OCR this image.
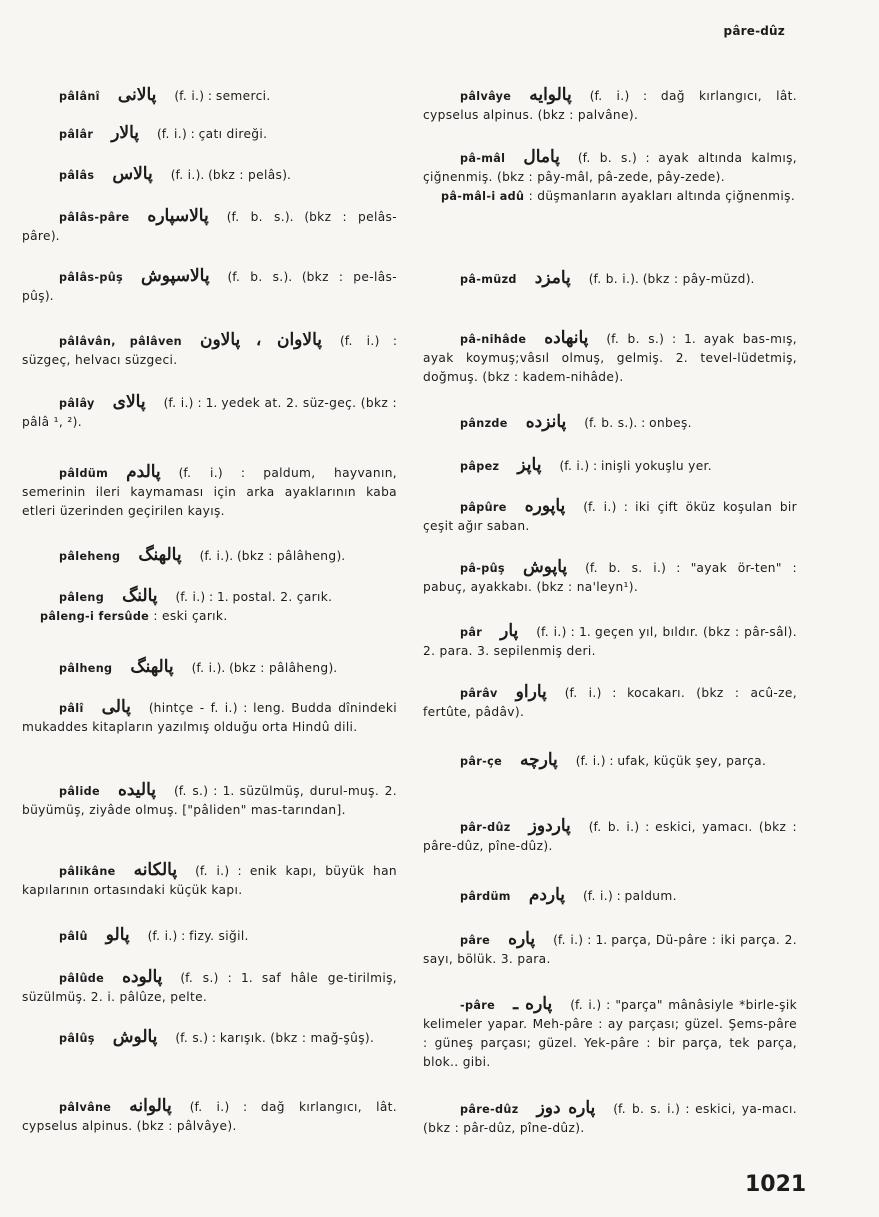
pâre-dûz
pâlânî پالانی (f. i.) : semerci.
pâlâr پالار (f. i.) : çatı direği.
pâlâs پالاس (f. i.). (bkz : pelâs).
pâlâs-pâre پالاسپاره (f. b. s.). (bkz : pelâs-pâre).
pâlâs-pûş پالاسپوش (f. b. s.). (bkz : pe-lâs-pûş).
pâlâvân, pâlâven پالاوان ، پالاون (f. i.) : süzgeç, helvacı süzgeci.
pâlây پالای (f. i.) : 1. yedek at. 2. süz-geç. (bkz : pâlâ ¹, ²).
pâldüm پالدم (f. i.) : paldum, hayvanın, semerinin ileri kaymaması için arka ayaklarının kaba etleri üzerinden geçirilen kayış.
pâleheng پالهنگ (f. i.). (bkz : pâlâheng).
pâleng پالنگ (f. i.) : 1. postal. 2. çarık.
pâleng-i fersûde : eski çarık.
pâlheng پالهنگ (f. i.). (bkz : pâlâheng).
pâlî پالی (hintçe - f. i.) : leng. Budda dînindeki mukaddes kitapların yazılmış olduğu orta Hindû dili.
pâlide پالیده (f. s.) : 1. süzülmüş, durul-muş. 2. büyümüş, ziyâde olmuş. ["pâliden" mas-tarından].
pâlikâne پالکانه (f. i.) : enik kapı, büyük han kapılarının ortasındaki küçük kapı.
pâlû پالو (f. i.) : fizy. siğil.
pâlûde پالوده (f. s.) : 1. saf hâle ge-tirilmiş, süzülmüş. 2. i. pâlûze, pelte.
pâlûş پالوش (f. s.) : karışık. (bkz : mağ-şûş).
pâlvâne پالوانه (f. i.) : dağ kırlangıcı, lât. cypselus alpinus. (bkz : pâlvâye).
pâlvâye پالوایه (f. i.) : dağ kırlangıcı, lât. cypselus alpinus. (bkz : palvâne).
pâ-mâl پامال (f. b. s.) : ayak altında kalmış, çiğnenmiş. (bkz : pây-mâl, pâ-zede, pây-zede).
pâ-mâl-i adû : düşmanların ayakları altında çiğnenmiş.
pâ-müzd پامزد (f. b. i.). (bkz : pây-müzd).
pâ-nihâde پانهاده (f. b. s.) : 1. ayak bas-mış, ayak koymuş;vâsıl olmuş, gelmiş. 2. tevel-lüdetmiş, doğmuş. (bkz : kadem-nihâde).
pânzde پانزده (f. b. s.). : onbeş.
pâpez پاپز (f. i.) : inişli yokuşlu yer.
pâpûre پاپوره (f. i.) : iki çift öküz koşulan bir çeşit ağır saban.
pâ-pûş پاپوش (f. b. s. i.) : "ayak ör-ten" : pabuç, ayakkabı. (bkz : na'leyn¹).
pâr پار (f. i.) : 1. geçen yıl, bıldır. (bkz : pâr-sâl). 2. para. 3. sepilenmiş deri.
pârâv پاراو (f. i.) : kocakarı. (bkz : acû-ze, fertûte, pâdâv).
pâr-çe پارچه (f. i.) : ufak, küçük şey, parça.
pâr-dûz پاردوز (f. b. i.) : eskici, yamacı. (bkz : pâre-dûz, pîne-dûz).
pârdüm پاردم (f. i.) : paldum.
pâre پاره (f. i.) : 1. parça, Dü-pâre : iki parça. 2. sayı, bölük. 3. para.
-pâre پاره ـ (f. i.) : "parça" mânâsiyle *birle-şik kelimeler yapar. Meh-pâre : ay parçası; güzel. Şems-pâre : güneş parçası; güzel. Yek-pâre : bir parça, tek parça, blok.. gibi.
pâre-dûz پاره دوز (f. b. s. i.) : eskici, ya-macı. (bkz : pâr-dûz, pîne-dûz).
1021
